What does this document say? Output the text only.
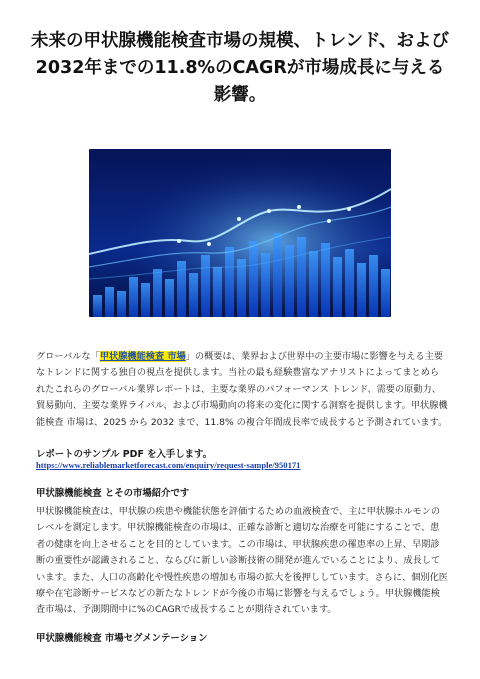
未来の甲状腺機能検査市場の規模、トレンド、および2032年までの11.8%のCAGRが市場成長に与える影響。
グローバルな「甲状腺機能検査 市場」の概要は、業界および世界中の主要市場に影響を与える主要なトレンドに関する独自の視点を提供します。当社の最も経験豊富なアナリストによってまとめられたこれらのグローバル業界レポートは、主要な業界のパフォーマンス トレンド、需要の原動力、貿易動向、主要な業界ライバル、および市場動向の将来の変化に関する洞察を提供します。甲状腺機能検査 市場は、2025 から 2032 まで、11.8% の複合年間成長率で成長すると予測されています。
レポートのサンプル PDF を入手します。
https://www.reliablemarketforecast.com/enquiry/request-sample/950171
甲状腺機能検査 とその市場紹介です
甲状腺機能検査は、甲状腺の疾患や機能状態を評価するための血液検査で、主に甲状腺ホルモンのレベルを測定します。甲状腺機能検査の市場は、正確な診断と適切な治療を可能にすることで、患者の健康を向上させることを目的としています。この市場は、甲状腺疾患の罹患率の上昇、早期診断の重要性が認識されること、ならびに新しい診断技術の開発が進んでいることにより、成長しています。また、人口の高齢化や慢性疾患の増加も市場の拡大を後押ししています。さらに、個別化医療や在宅診断サービスなどの新たなトレンドが今後の市場に影響を与えるでしょう。甲状腺機能検査市場は、予測期間中に%のCAGRで成長することが期待されています。
甲状腺機能検査 市場セグメンテーション
